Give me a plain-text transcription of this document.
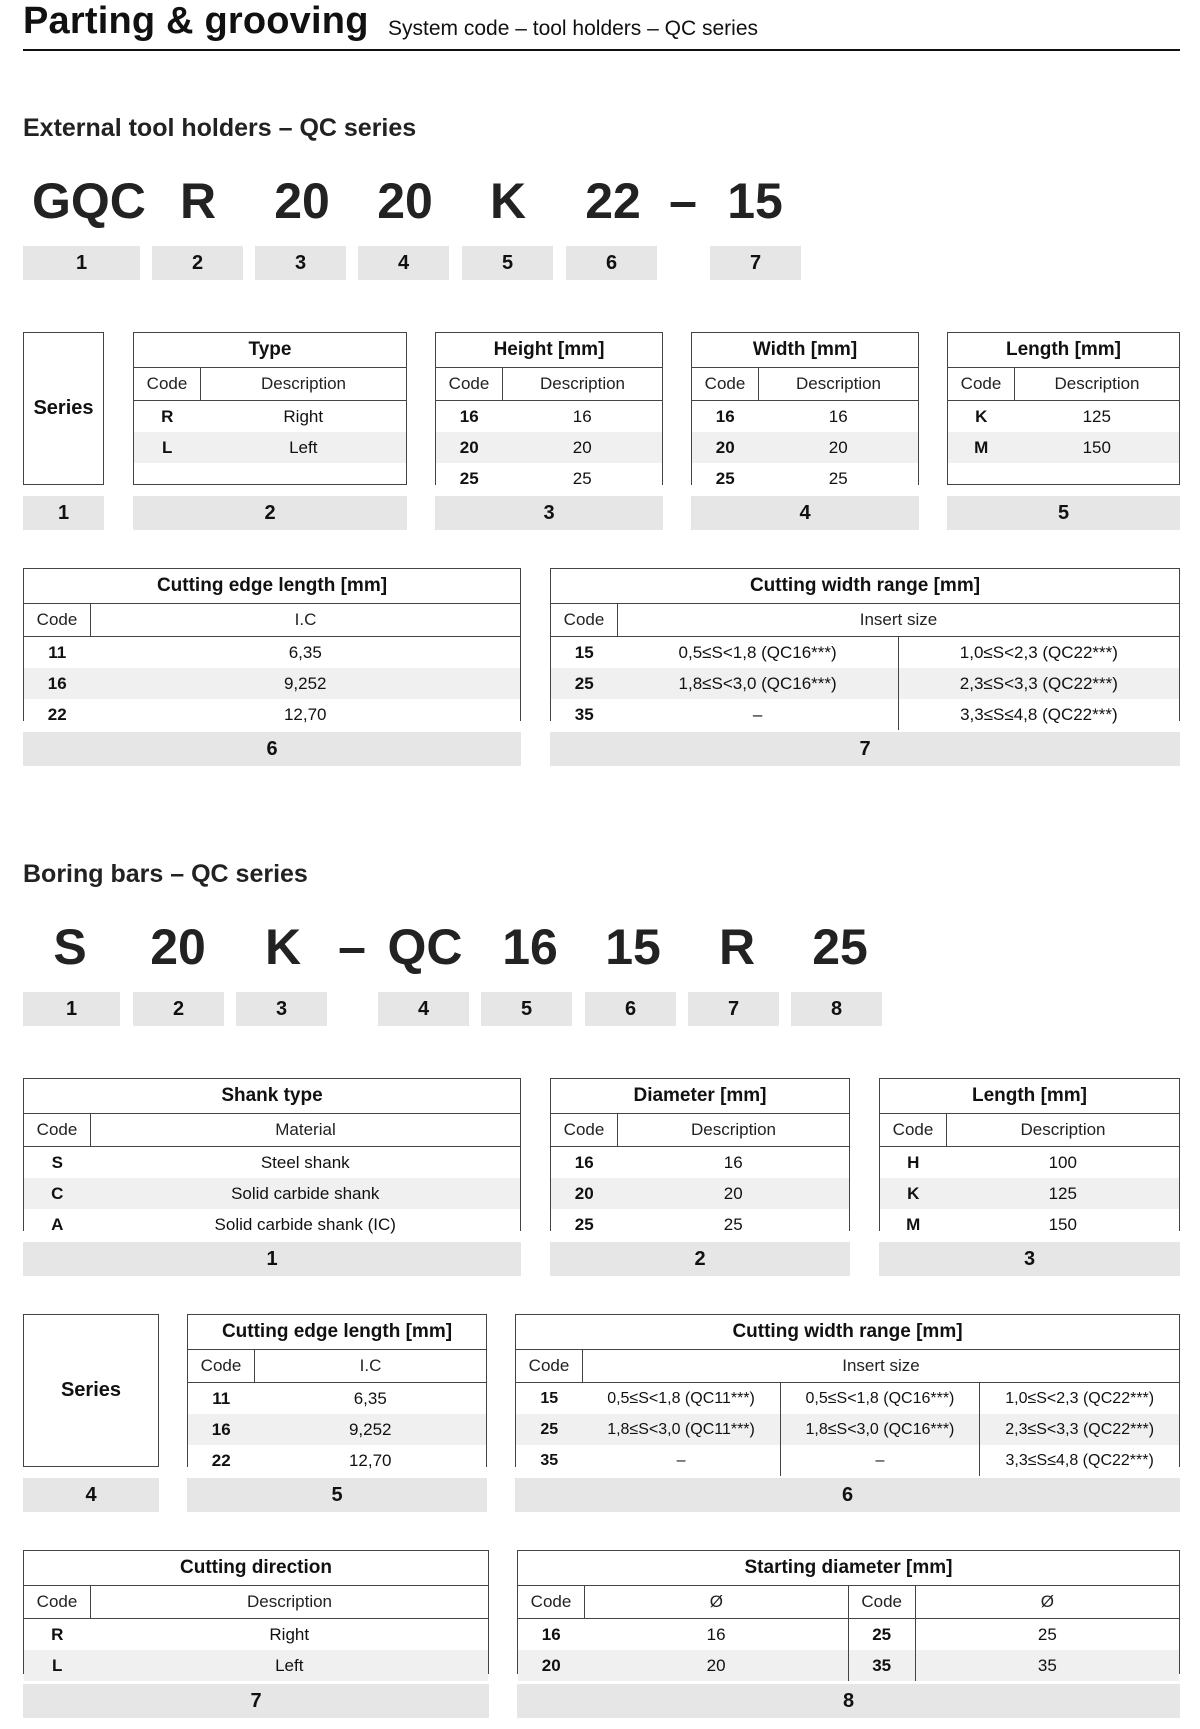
Parting & grooving System code – tool holders – QC series
External tool holders – QC series
GQC R	20 20	K	22 – 15
1	2	3	4	5	6	7
Series
1
Type	
Code	Description
R	Right
L	Left
2
Height [mm]	
Code	Description
16	16
20	20
25	25
3
Width [mm]	
Code	Description
16	16
20	20
25	25
4
Length [mm]	
Code	Description
K	125
M	150
5
Cutting edge length [mm]	
Code	I.C
11	6,35
16	9,252
22	12,70
6
Cutting width range [mm]		
Code	Insert size	
15	0,5≤S<1,8 (QC16***)	1,0≤S<2,3 (QC22***)
25	1,8≤S<3,0 (QC16***)	2,3≤S<3,3 (QC22***)
35	–	3,3≤S≤4,8 (QC22***)
7
Boring bars – QC series
S	20	K – QC 16 15	R	25
1	2	3	4	5	6	7	8
Shank type	
Code	Material
S	Steel shank
C	Solid carbide shank
A	Solid carbide shank (IC)
1
Diameter [mm]	
Code	Description
16	16
20	20
25	25
2
Length [mm]	
Code	Description
H	100
K	125
M	150
3
Series
4
Cutting edge length [mm]	
Code	I.C
11	6,35
16	9,252
22	12,70
5
Cutting width range [mm]			
Code	Insert size		
15	0,5≤S<1,8 (QC11***)	0,5≤S<1,8 (QC16***)	1,0≤S<2,3 (QC22***)
25	1,8≤S<3,0 (QC11***)	1,8≤S<3,0 (QC16***)	2,3≤S<3,3 (QC22***)
35	–	–	3,3≤S≤4,8 (QC22***)
6
Cutting direction	
Code	Description
R	Right
L	Left
7
Starting diameter [mm]			
Code	Ø	Code	Ø
16	16	25	25
20	20	35	35
8
